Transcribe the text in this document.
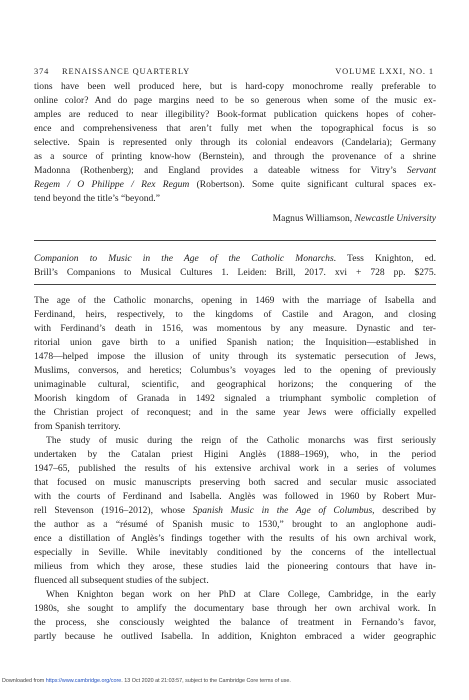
374 RENAISSANCE QUARTERLY	VOLUME LXXI, NO. 1
tions have been well produced here, but is hard-copy monochrome really preferable to
online color? And do page margins need to be so generous when some of the music ex-
amples are reduced to near illegibility? Book-format publication quickens hopes of coher-
ence and comprehensiveness that aren’t fully met when the topographical focus is so
selective. Spain is represented only through its colonial endeavors (Candelaria); Germany
as a source of printing know-how (Bernstein), and through the provenance of a shrine
Madonna (Rothenberg); and England provides a dateable witness for Vitry’s Servant
Regem / O Philippe / Rex Regum (Robertson). Some quite significant cultural spaces ex-
tend beyond the title’s “beyond.”
Magnus Williamson, Newcastle University
Companion to Music in the Age of the Catholic Monarchs. Tess Knighton, ed.
Brill’s Companions to Musical Cultures 1. Leiden: Brill, 2017. xvi + 728 pp. $275.
The age of the Catholic monarchs, opening in 1469 with the marriage of Isabella and
Ferdinand, heirs, respectively, to the kingdoms of Castile and Aragon, and closing
with Ferdinand’s death in 1516, was momentous by any measure. Dynastic and ter-
ritorial union gave birth to a unified Spanish nation; the Inquisition—established in
1478—helped impose the illusion of unity through its systematic persecution of Jews,
Muslims, conversos, and heretics; Columbus’s voyages led to the opening of previously
unimaginable cultural, scientific, and geographical horizons; the conquering of the
Moorish kingdom of Granada in 1492 signaled a triumphant symbolic completion of
the Christian project of reconquest; and in the same year Jews were officially expelled
from Spanish territory.
The study of music during the reign of the Catholic monarchs was first seriously
undertaken by the Catalan priest Higini Anglès (1888–1969), who, in the period
1947–65, published the results of his extensive archival work in a series of volumes
that focused on music manuscripts preserving both sacred and secular music associated
with the courts of Ferdinand and Isabella. Anglès was followed in 1960 by Robert Mur-
rell Stevenson (1916–2012), whose Spanish Music in the Age of Columbus, described by
the author as a “résumé of Spanish music to 1530,” brought to an anglophone audi-
ence a distillation of Anglès’s findings together with the results of his own archival work,
especially in Seville. While inevitably conditioned by the concerns of the intellectual
milieus from which they arose, these studies laid the pioneering contours that have in-
fluenced all subsequent studies of the subject.
When Knighton began work on her PhD at Clare College, Cambridge, in the early
1980s, she sought to amplify the documentary base through her own archival work. In
the process, she consciously weighted the balance of treatment in Fernando’s favor,
partly because he outlived Isabella. In addition, Knighton embraced a wider geographic
Downloaded from https://www.cambridge.org/core. 13 Oct 2020 at 21:03:57, subject to the Cambridge Core terms of use.
